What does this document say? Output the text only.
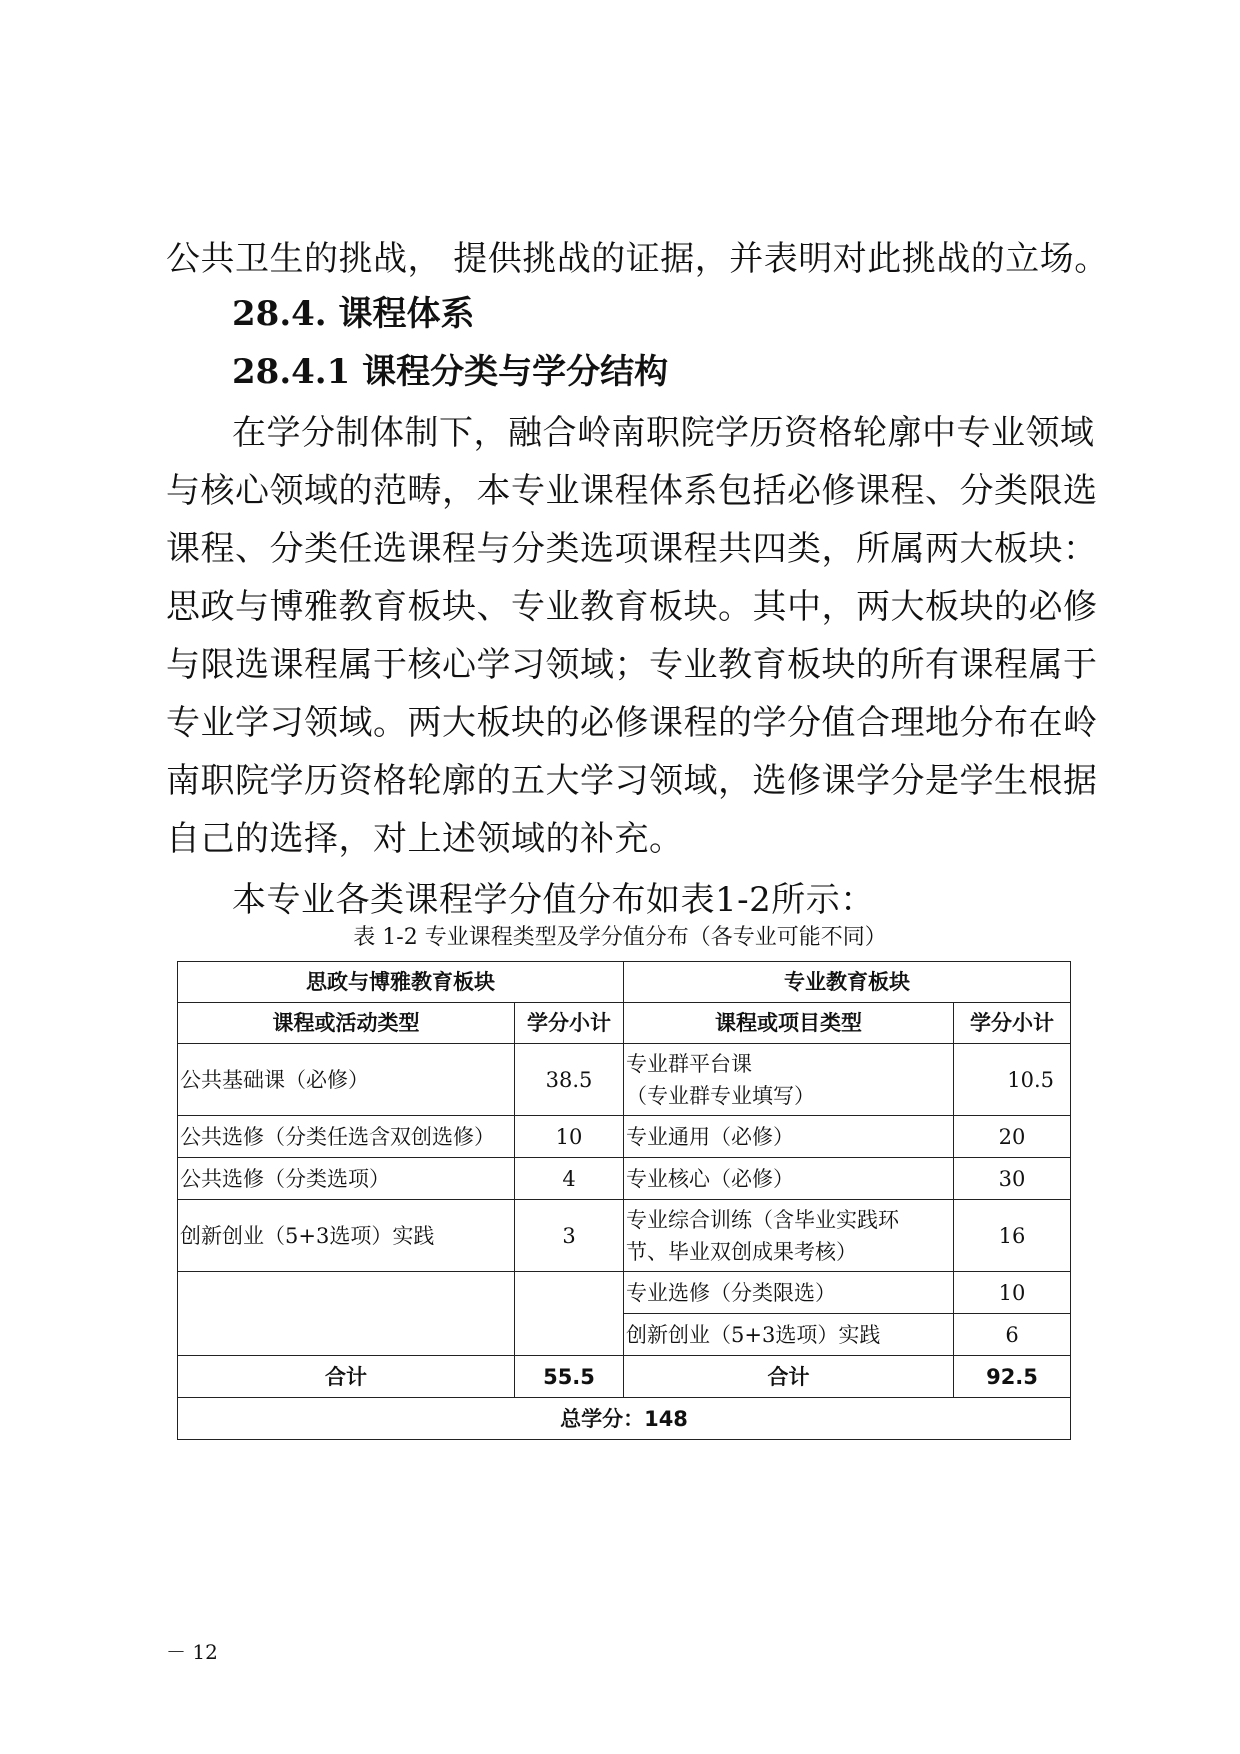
公共卫生的挑战， 提供挑战的证据，并表明对此挑战的立场。
28.4. 课程体系
28.4.1 课程分类与学分结构
在学分制体制下，融合岭南职院学历资格轮廓中专业领域
与核心领域的范畴，本专业课程体系包括必修课程、分类限选
课程、分类任选课程与分类选项课程共四类，所属两大板块：
思政与博雅教育板块、专业教育板块。其中，两大板块的必修
与限选课程属于核心学习领域；专业教育板块的所有课程属于
专业学习领域。两大板块的必修课程的学分值合理地分布在岭
南职院学历资格轮廓的五大学习领域，选修课学分是学生根据
自己的选择，对上述领域的补充。
本专业各类课程学分值分布如表1-2所示：
表 1-2 专业课程类型及学分值分布（各专业可能不同）
思政与博雅教育板块		专业教育板块	
课程或活动类型	学分小计	课程或项目类型	学分小计
公共基础课（必修）	38.5	专业群平台课
（专业群专业填写）	10.5
公共选修（分类任选含双创选修）	10	专业通用（必修）	20
公共选修（分类选项）	4	专业核心（必修）	30
创新创业（5+3选项）实践	3	专业综合训练（含毕业实践环
节、毕业双创成果考核）	16
		专业选修（分类限选）	10
		创新创业（5+3选项）实践	6
合计	55.5	合计	92.5
总学分：148			
－ 12
